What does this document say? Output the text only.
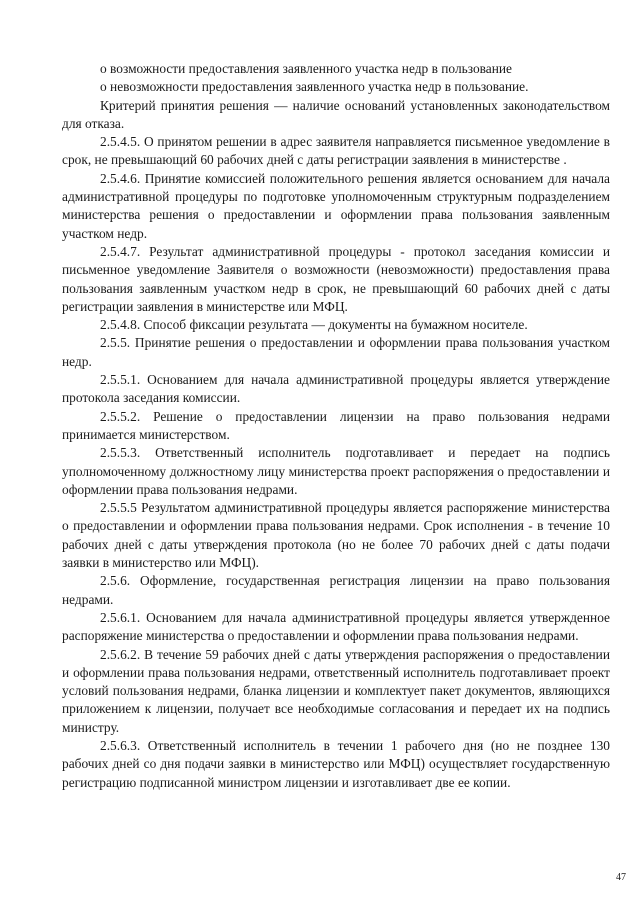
о возможности предоставления заявленного участка недр в пользование

о невозможности предоставления заявленного участка недр в пользование.

Критерий принятия решения — наличие оснований установленных законодательством для отказа.

2.5.4.5. О принятом решении в адрес заявителя направляется письменное уведомление в срок, не превышающий 60 рабочих дней с даты регистрации заявления в министерстве .

2.5.4.6. Принятие комиссией положительного решения является основанием для начала административной процедуры по подготовке уполномоченным структурным подразделением министерства решения о предоставлении и оформлении права пользования заявленным участком недр.

2.5.4.7. Результат административной процедуры - протокол заседания комиссии и письменное уведомление Заявителя о возможности (невозможности) предоставления права пользования заявленным участком недр в срок, не превышающий 60 рабочих дней с даты регистрации заявления в министерстве или МФЦ.

2.5.4.8. Способ фиксации результата — документы на бумажном носителе.

2.5.5. Принятие решения о предоставлении и оформлении права пользования участком недр.

2.5.5.1. Основанием для начала административной процедуры является утверждение протокола заседания комиссии.

2.5.5.2. Решение о предоставлении лицензии на право пользования недрами принимается министерством.

2.5.5.3. Ответственный исполнитель подготавливает и передает на подпись уполномоченному должностному лицу министерства проект распоряжения о предоставлении и оформлении права пользования недрами.

2.5.5.5 Результатом административной процедуры является распоряжение министерства о предоставлении и оформлении права пользования недрами. Срок исполнения - в течение 10 рабочих дней с даты утверждения протокола (но не более 70 рабочих дней с даты подачи заявки в министерство или МФЦ).

2.5.6. Оформление, государственная регистрация лицензии на право пользования недрами.

2.5.6.1. Основанием для начала административной процедуры является утвержденное распоряжение министерства о предоставлении и оформлении права пользования недрами.

2.5.6.2. В течение 59 рабочих дней с даты утверждения распоряжения о предоставлении и оформлении права пользования недрами, ответственный исполнитель подготавливает проект условий пользования недрами, бланка лицензии и комплектует пакет документов, являющихся приложением к лицензии, получает все необходимые согласования и передает их на подпись министру.

2.5.6.3. Ответственный исполнитель в течении 1 рабочего дня (но не позднее 130 рабочих дней со дня подачи заявки в министерство или МФЦ) осуществляет государственную регистрацию подписанной министром лицензии и изготавливает две ее копии.

47
